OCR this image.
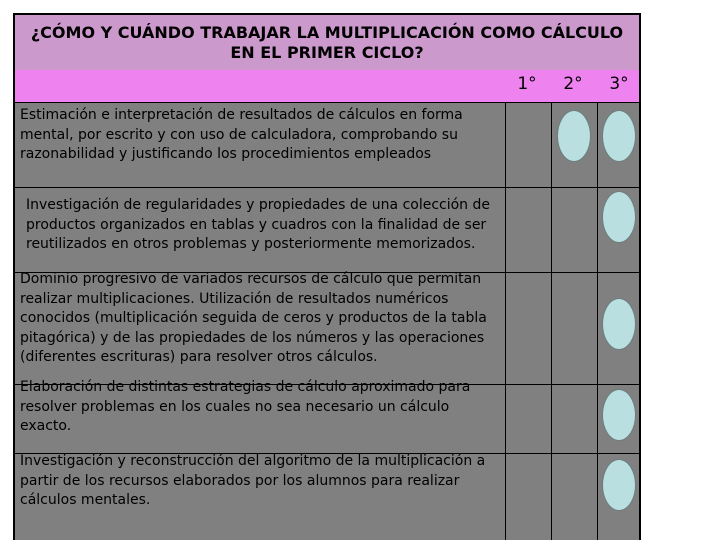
¿CÓMO Y CUÁNDO TRABAJAR LA MULTIPLICACIÓN COMO CÁLCULO EN EL PRIMER CICLO?
1°	2°	3°
Estimación e interpretación de resultados de cálculos en forma mental, por escrito y con uso de calculadora, comprobando su razonabilidad y justificando los procedimientos empleados
Investigación de regularidades y propiedades de una colección de productos organizados en tablas y cuadros con la finalidad de ser reutilizados en otros problemas y posteriormente memorizados.
Dominio progresivo de variados recursos de cálculo que permitan realizar multiplicaciones. Utilización de resultados numéricos conocidos (multiplicación seguida de ceros y productos de la tabla pitagórica) y de las propiedades de los números y las operaciones (diferentes escrituras) para resolver otros cálculos.
Elaboración de distintas estrategias de cálculo aproximado para resolver problemas en los cuales no sea necesario un cálculo exacto.
Investigación y reconstrucción del algoritmo de la multiplicación a partir de los recursos elaborados por los alumnos para realizar cálculos mentales.
